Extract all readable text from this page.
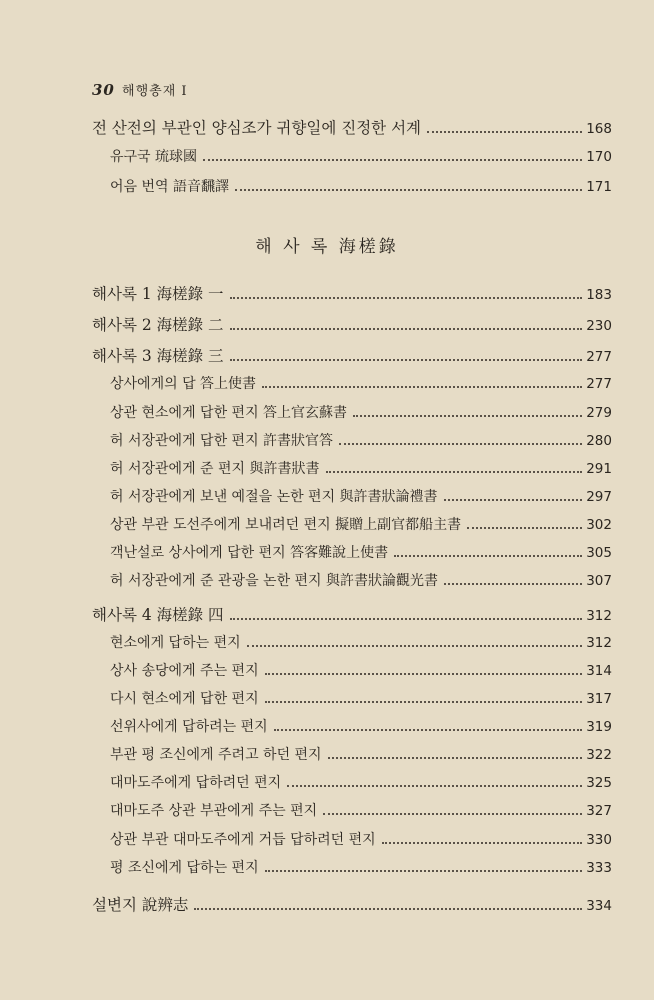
30 해행총재 I
전 산전의 부관인 양심조가 귀향일에 진정한 서계	168
유구국 琉球國	170
어음 번역 語音飜譯	171
해 사 록 海槎錄
해사록 1 海槎錄 一	183
해사록 2 海槎錄 二	230
해사록 3 海槎錄 三	277
상사에게의 답 答上使書	277
상관 현소에게 답한 편지 答上官玄蘇書	279
허 서장관에게 답한 편지 許書狀官答	280
허 서장관에게 준 편지 與許書狀書	291
허 서장관에게 보낸 예절을 논한 편지 與許書狀論禮書	297
상관 부관 도선주에게 보내려던 편지 擬贈上副官都船主書	302
객난설로 상사에게 답한 편지 答客難說上使書	305
허 서장관에게 준 관광을 논한 편지 與許書狀論觀光書	307
해사록 4 海槎錄 四	312
현소에게 답하는 편지	312
상사 송당에게 주는 편지	314
다시 현소에게 답한 편지	317
선위사에게 답하려는 편지	319
부관 평 조신에게 주려고 하던 편지	322
대마도주에게 답하려던 편지	325
대마도주 상관 부관에게 주는 편지	327
상관 부관 대마도주에게 거듭 답하려던 편지	330
평 조신에게 답하는 편지	333
설변지 說辨志	334
